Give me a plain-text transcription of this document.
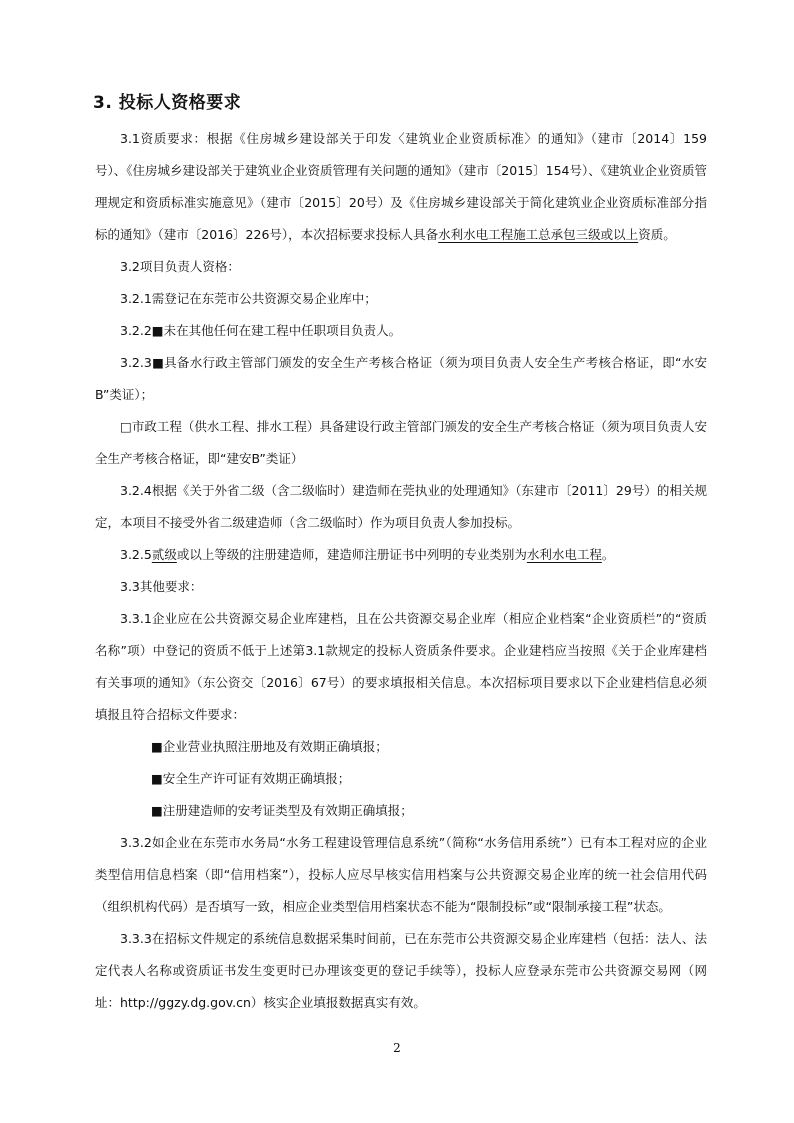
3. 投标人资格要求

3.1资质要求：根据《住房城乡建设部关于印发〈建筑业企业资质标准〉的通知》（建市〔2014〕159号）、《住房城乡建设部关于建筑业企业资质管理有关问题的通知》（建市〔2015〕154号）、《建筑业企业资质管理规定和资质标准实施意见》（建市〔2015〕20号）及《住房城乡建设部关于简化建筑业企业资质标准部分指标的通知》（建市〔2016〕226号），本次招标要求投标人具备水利水电工程施工总承包三级或以上资质。

3.2项目负责人资格：

3.2.1需登记在东莞市公共资源交易企业库中；

3.2.2■未在其他任何在建工程中任职项目负责人。

3.2.3■具备水行政主管部门颁发的安全生产考核合格证（须为项目负责人安全生产考核合格证，即“水安B”类证）；

□市政工程（供水工程、排水工程）具备建设行政主管部门颁发的安全生产考核合格证（须为项目负责人安全生产考核合格证，即“建安B”类证）

3.2.4根据《关于外省二级（含二级临时）建造师在莞执业的处理通知》（东建市〔2011〕29号）的相关规定，本项目不接受外省二级建造师（含二级临时）作为项目负责人参加投标。

3.2.5贰级或以上等级的注册建造师，建造师注册证书中列明的专业类别为水利水电工程。

3.3其他要求：

3.3.1企业应在公共资源交易企业库建档，且在公共资源交易企业库（相应企业档案“企业资质栏”的“资质名称”项）中登记的资质不低于上述第3.1款规定的投标人资质条件要求。企业建档应当按照《关于企业库建档有关事项的通知》（东公资交〔2016〕67号）的要求填报相关信息。本次招标项目要求以下企业建档信息必须填报且符合招标文件要求：

■企业营业执照注册地及有效期正确填报；

■安全生产许可证有效期正确填报；

■注册建造师的安考证类型及有效期正确填报；

3.3.2如企业在东莞市水务局“水务工程建设管理信息系统”（简称“水务信用系统”）已有本工程对应的企业类型信用信息档案（即“信用档案”），投标人应尽早核实信用档案与公共资源交易企业库的统一社会信用代码（组织机构代码）是否填写一致，相应企业类型信用档案状态不能为“限制投标”或“限制承接工程”状态。

3.3.3在招标文件规定的系统信息数据采集时间前，已在东莞市公共资源交易企业库建档（包括：法人、法定代表人名称或资质证书发生变更时已办理该变更的登记手续等），投标人应登录东莞市公共资源交易网（网址：http://ggzy.dg.gov.cn）核实企业填报数据真实有效。

2
